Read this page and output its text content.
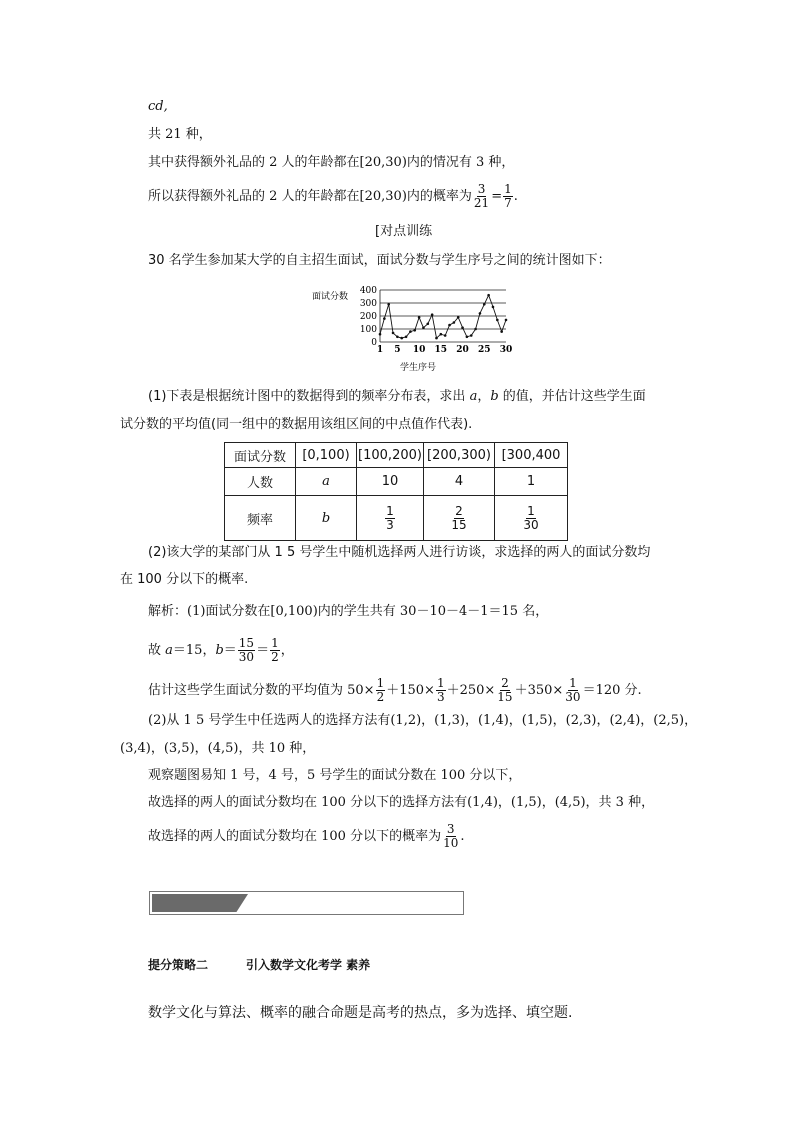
cd,
共 21 种，
其中获得额外礼品的 2 人的年龄都在[20,30)内的情况有 3 种，
所以获得额外礼品的 2 人的年龄都在[20,30)内的概率为 $\frac{3}{21} = \frac{1}{7}$ .
[对点训练
30 名学生参加某大学的自主招生面试，面试分数与学生序号之间的统计图如下：
面试分数
0
100
200
300
400
1 5 10 15 20 25 30
学生序号
(1)下表是根据统计图中的数据得到的频率分布表，求出 a，b 的值，并估计这些学生面
试分数的平均值(同一组中的数据用该组区间的中点值作代表).
面试分数	[0,100)	[100,200)	[200,300)	[300,400
人数	a	10	4	1
频率	b	$\frac{1}{3}$	$\frac{2}{15}$	$\frac{1}{30}$
(2)该大学的某部门从 1 5 号学生中随机选择两人进行访谈，求选择的两人的面试分数均
在 100 分以下的概率.
解析：(1)面试分数在[0,100)内的学生共有 30－10－4－1＝15 名，
故 a＝15，$b= \frac{15}{30} = \frac{1}{2}$ ，
估计这些学生面试分数的平均值为 $50\times \frac{1}{2} +150\times \frac{1}{3} +250\times \frac{2}{15} +350\times \frac{1}{30} =120$ 分.
(2)从 1 5 号学生中任选两人的选择方法有(1,2)，(1,3)，(1,4)，(1,5)，(2,3)，(2,4)，(2,5)，
(3,4)，(3,5)，(4,5)，共 10 种，
观察题图易知 1 号，4 号，5 号学生的面试分数在 100 分以下，
故选择的两人的面试分数均在 100 分以下的选择方法有(1,4)，(1,5)，(4,5)，共 3 种，
故选择的两人的面试分数均在 100 分以下的概率为 $\frac{3}{10}$ .
提分策略二	引入数学文化考学 素养
数学文化与算法、概率的融合命题是高考的热点，多为选择、填空题.
